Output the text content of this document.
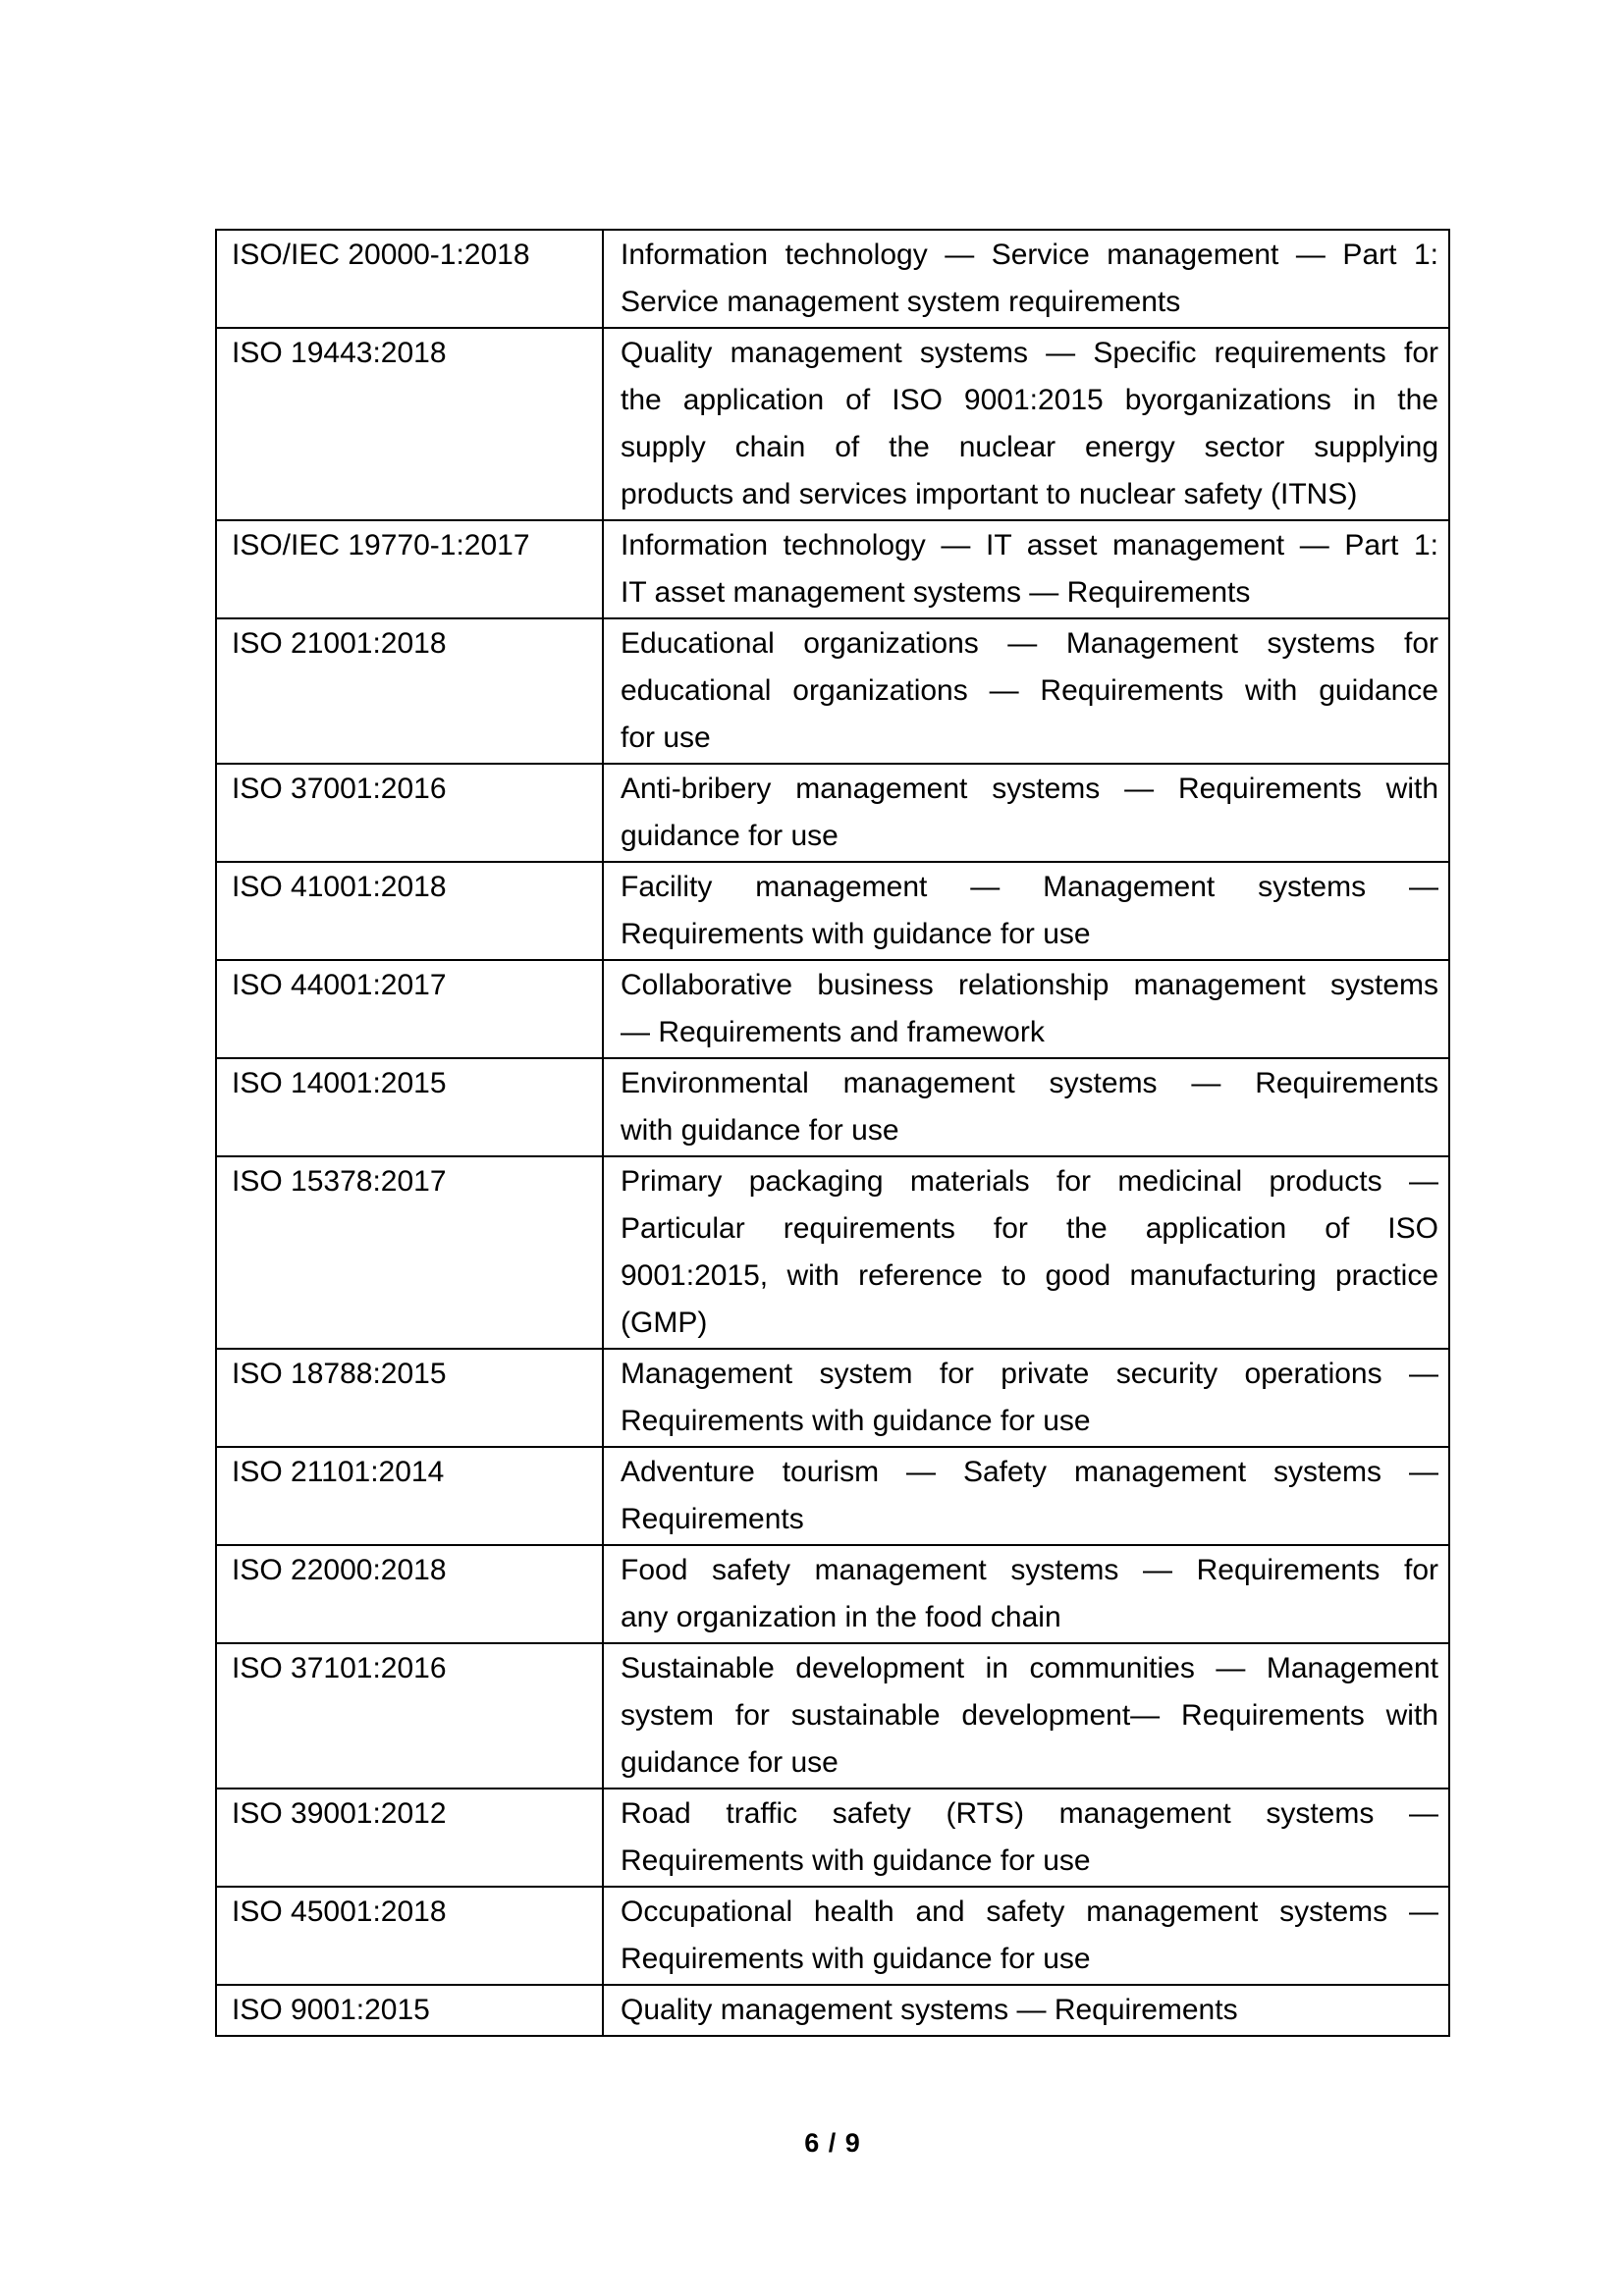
ISO/IEC 20000-1:2018	Information technology — Service management — Part 1:
Service management system requirements

ISO 19443:2018	Quality management systems — Specific requirements for
the application of ISO 9001:2015 byorganizations in the
supply chain of the nuclear energy sector supplying
products and services important to nuclear safety (ITNS)

ISO/IEC 19770-1:2017	Information technology — IT asset management — Part 1:
IT asset management systems — Requirements

ISO 21001:2018	Educational organizations — Management systems for
educational organizations — Requirements with guidance
for use

ISO 37001:2016	Anti-bribery management systems — Requirements with
guidance for use

ISO 41001:2018	Facility management — Management systems —
Requirements with guidance for use

ISO 44001:2017	Collaborative business relationship management systems
— Requirements and framework

ISO 14001:2015	Environmental management systems — Requirements
with guidance for use

ISO 15378:2017	Primary packaging materials for medicinal products —
Particular requirements for the application of ISO
9001:2015, with reference to good manufacturing practice
(GMP)

ISO 18788:2015	Management system for private security operations —
Requirements with guidance for use

ISO 21101:2014	Adventure tourism — Safety management systems —
Requirements

ISO 22000:2018	Food safety management systems — Requirements for
any organization in the food chain

ISO 37101:2016	Sustainable development in communities — Management
system for sustainable development— Requirements with
guidance for use

ISO 39001:2012	Road traffic safety (RTS) management systems —
Requirements with guidance for use

ISO 45001:2018	Occupational health and safety management systems —
Requirements with guidance for use

ISO 9001:2015	Quality management systems — Requirements
6 / 9
